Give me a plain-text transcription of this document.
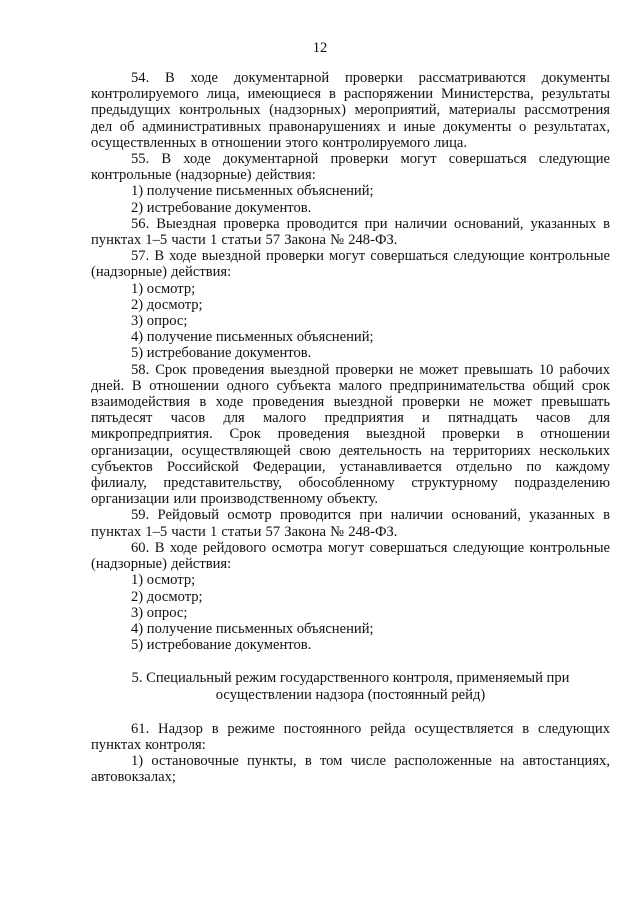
12

54. В ходе документарной проверки рассматриваются документы контролируемого лица, имеющиеся в распоряжении Министерства, результаты предыдущих контрольных (надзорных) мероприятий, материалы рассмотрения дел об административных правонарушениях и иные документы о результатах, осуществленных в отношении этого контролируемого лица.

55. В ходе документарной проверки могут совершаться следующие контрольные (надзорные) действия:

1) получение письменных объяснений;

2) истребование документов.

56. Выездная проверка проводится при наличии оснований, указанных в пунктах 1–5 части 1 статьи 57 Закона № 248-ФЗ.

57. В ходе выездной проверки могут совершаться следующие контрольные (надзорные) действия:

1) осмотр;

2) досмотр;

3) опрос;

4) получение письменных объяснений;

5) истребование документов.

58. Срок проведения выездной проверки не может превышать 10 рабочих дней. В отношении одного субъекта малого предпринимательства общий срок взаимодействия в ходе проведения выездной проверки не может превышать пятьдесят часов для малого предприятия и пятнадцать часов для микропредприятия. Срок проведения выездной проверки в отношении организации, осуществляющей свою деятельность на территориях нескольких субъектов Российской Федерации, устанавливается отдельно по каждому филиалу, представительству, обособленному структурному подразделению организации или производственному объекту.

59. Рейдовый осмотр проводится при наличии оснований, указанных в пунктах 1–5 части 1 статьи 57 Закона № 248-ФЗ.

60. В ходе рейдового осмотра могут совершаться следующие контрольные (надзорные) действия:

1) осмотр;

2) досмотр;

3) опрос;

4) получение письменных объяснений;

5) истребование документов.

5. Специальный режим государственного контроля, применяемый при

осуществлении надзора (постоянный рейд)

61. Надзор в режиме постоянного рейда осуществляется в следующих пунктах контроля:

1) остановочные пункты, в том числе расположенные на автостанциях, автовокзалах;
